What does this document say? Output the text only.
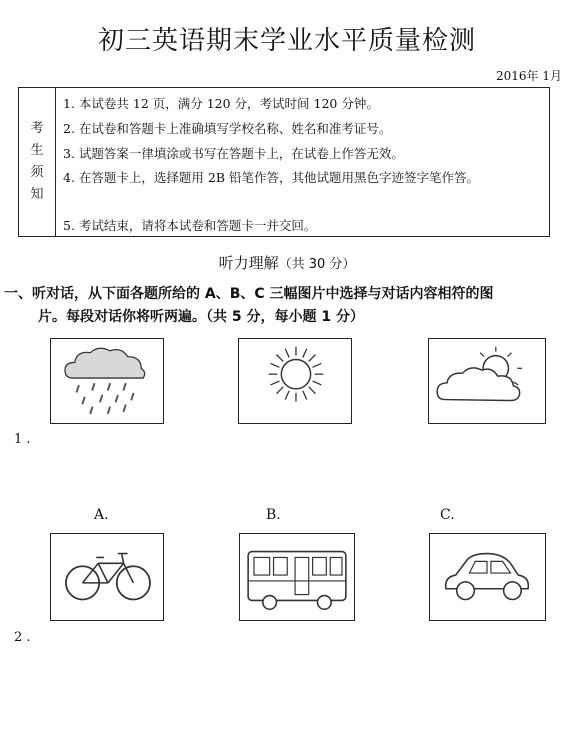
初三英语期末学业水平质量检测
2016年 1月
考
生
须
知
1. 本试卷共 12 页，满分 120 分，考试时间 120 分钟。
2. 在试卷和答题卡上准确填写学校名称、姓名和准考证号。
3. 试题答案一律填涂或书写在答题卡上，在试卷上作答无效。
4. 在答题卡上，选择题用 2B 铅笔作答，其他试题用黑色字迹签字笔作答。
5. 考试结束，请将本试卷和答题卡一并交回。
听力理解（共 30 分）
一、听对话，从下面各题所给的 A、B、C 三幅图片中选择与对话内容相符的图
片。每段对话你将听两遍。（共 5 分，每小题 1 分）
1 .
A.	B.	C.
2 .
